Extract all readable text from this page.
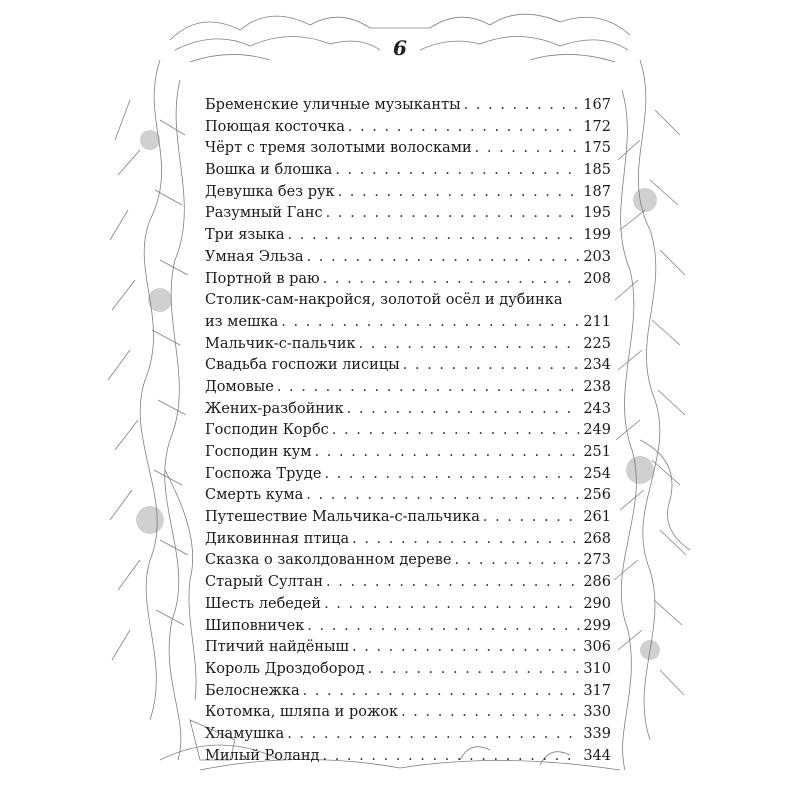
6
Бременские уличные музыканты . . .	167
Поющая косточка . . .	172
Чёрт с тремя золотыми волосками . . .	175
Вошка и блошка . . .	185
Девушка без рук . . .	187
Разумный Ганс . . .	195
Три языка . . .	199
Умная Эльза . . .	203
Портной в раю . . .	208
Столик-сам-накройся, золотой осёл и дубинка
из мешка . . .	211
Мальчик-с-пальчик . . .	225
Свадьба госпожи лисицы . . .	234
Домовые . . .	238
Жених-разбойник . . .	243
Господин Корбс . . .	249
Господин кум . . .	251
Госпожа Труде . . .	254
Смерть кума . . .	256
Путешествие Мальчика-с-пальчика . . .	261
Диковинная птица . . .	268
Сказка о заколдованном дереве . . .	273
Старый Султан . . .	286
Шесть лебедей . . .	290
Шиповничек . . .	299
Птичий найдёныш . . .	306
Король Дроздобород . . .	310
Белоснежка . . .	317
Котомка, шляпа и рожок . . .	330
Хламушка . . .	339
Милый Роланд . . .	344
